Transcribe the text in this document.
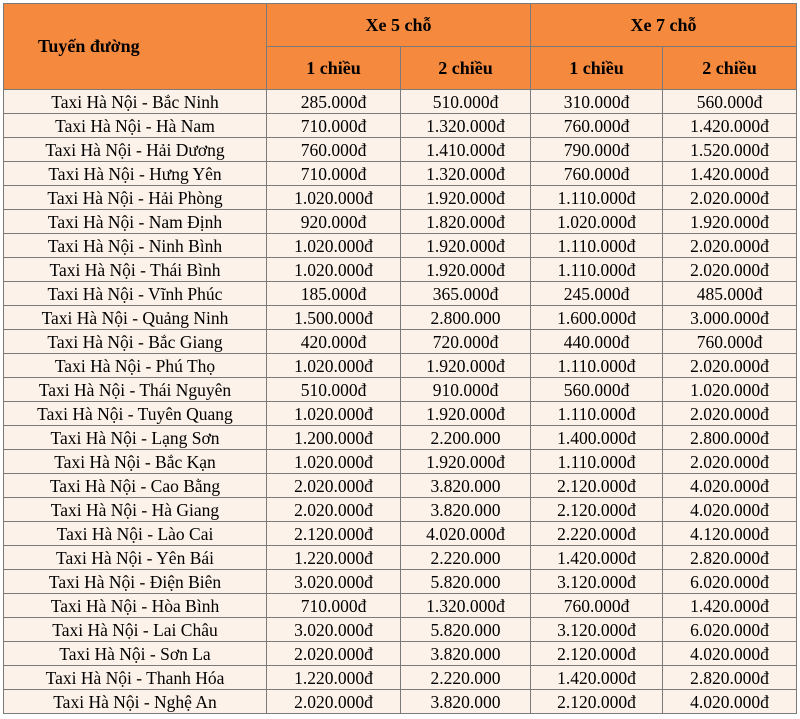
Tuyến đường	Xe 5 chỗ		Xe 7 chỗ	
	1 chiều	2 chiều	1 chiều	2 chiều
Taxi Hà Nội - Bắc Ninh	285.000đ	510.000đ	310.000đ	560.000đ
Taxi Hà Nội - Hà Nam	710.000đ	1.320.000đ	760.000đ	1.420.000đ
Taxi Hà Nội - Hải Dương	760.000đ	1.410.000đ	790.000đ	1.520.000đ
Taxi Hà Nội - Hưng Yên	710.000đ	1.320.000đ	760.000đ	1.420.000đ
Taxi Hà Nội - Hải Phòng	1.020.000đ	1.920.000đ	1.110.000đ	2.020.000đ
Taxi Hà Nội - Nam Định	920.000đ	1.820.000đ	1.020.000đ	1.920.000đ
Taxi Hà Nội - Ninh Bình	1.020.000đ	1.920.000đ	1.110.000đ	2.020.000đ
Taxi Hà Nội - Thái Bình	1.020.000đ	1.920.000đ	1.110.000đ	2.020.000đ
Taxi Hà Nội - Vĩnh Phúc	185.000đ	365.000đ	245.000đ	485.000đ
Taxi Hà Nội - Quảng Ninh	1.500.000đ	2.800.000	1.600.000đ	3.000.000đ
Taxi Hà Nội - Bắc Giang	420.000đ	720.000đ	440.000đ	760.000đ
Taxi Hà Nội - Phú Thọ	1.020.000đ	1.920.000đ	1.110.000đ	2.020.000đ
Taxi Hà Nội - Thái Nguyên	510.000đ	910.000đ	560.000đ	1.020.000đ
Taxi Hà Nội - Tuyên Quang	1.020.000đ	1.920.000đ	1.110.000đ	2.020.000đ
Taxi Hà Nội - Lạng Sơn	1.200.000đ	2.200.000	1.400.000đ	2.800.000đ
Taxi Hà Nội - Bắc Kạn	1.020.000đ	1.920.000đ	1.110.000đ	2.020.000đ
Taxi Hà Nội - Cao Bằng	2.020.000đ	3.820.000	2.120.000đ	4.020.000đ
Taxi Hà Nội - Hà Giang	2.020.000đ	3.820.000	2.120.000đ	4.020.000đ
Taxi Hà Nội - Lào Cai	2.120.000đ	4.020.000đ	2.220.000đ	4.120.000đ
Taxi Hà Nội - Yên Bái	1.220.000đ	2.220.000	1.420.000đ	2.820.000đ
Taxi Hà Nội - Điện Biên	3.020.000đ	5.820.000	3.120.000đ	6.020.000đ
Taxi Hà Nội - Hòa Bình	710.000đ	1.320.000đ	760.000đ	1.420.000đ
Taxi Hà Nội - Lai Châu	3.020.000đ	5.820.000	3.120.000đ	6.020.000đ
Taxi Hà Nội - Sơn La	2.020.000đ	3.820.000	2.120.000đ	4.020.000đ
Taxi Hà Nội - Thanh Hóa	1.220.000đ	2.220.000	1.420.000đ	2.820.000đ
Taxi Hà Nội - Nghệ An	2.020.000đ	3.820.000	2.120.000đ	4.020.000đ
